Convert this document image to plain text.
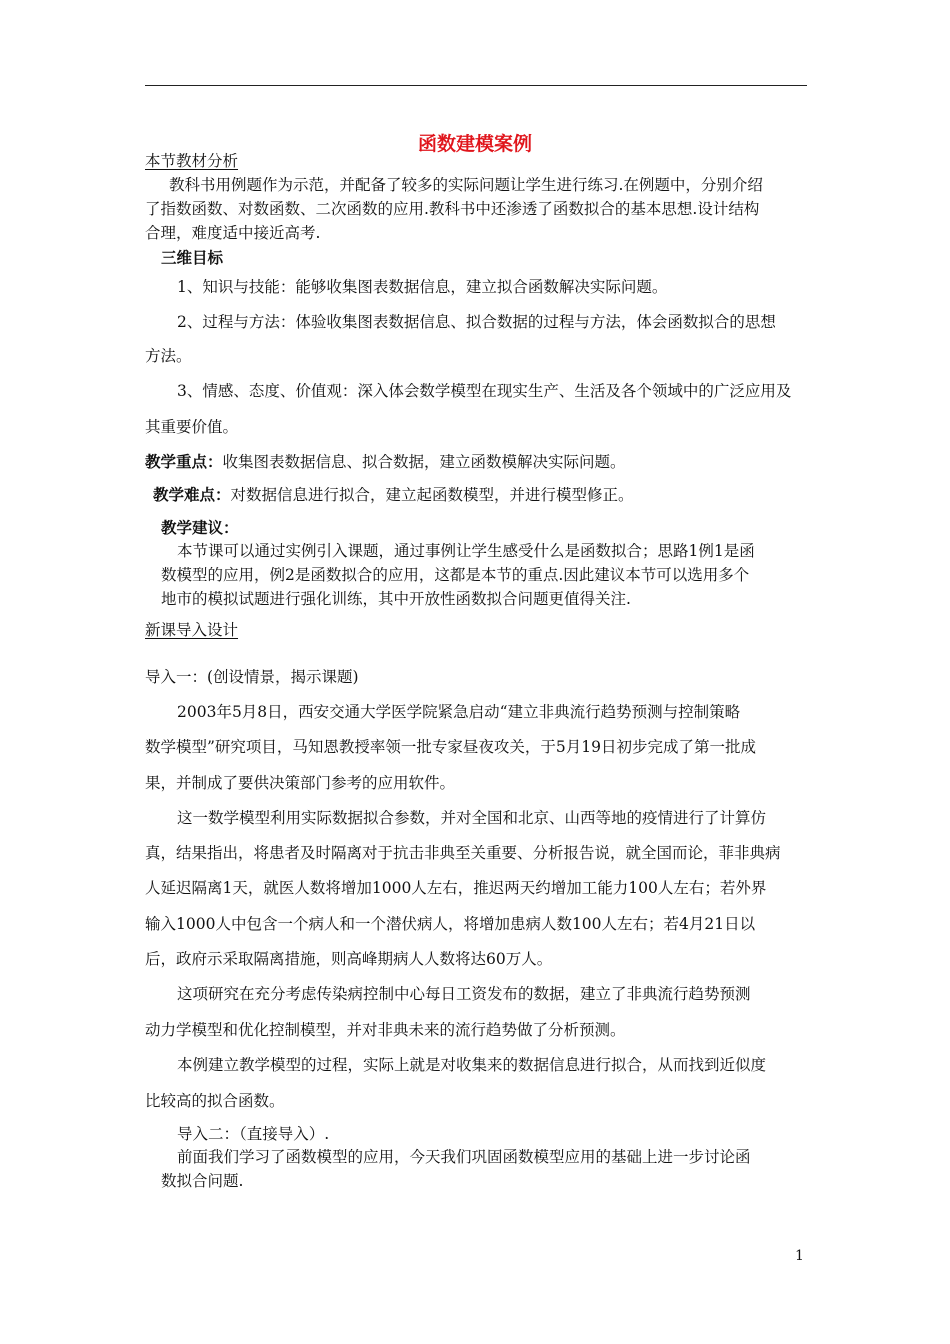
函数建模案例
本节教材分析
教科书用例题作为示范，并配备了较多的实际问题让学生进行练习.在例题中，分别介绍
了指数函数、对数函数、二次函数的应用.教科书中还渗透了函数拟合的基本思想.设计结构
合理，难度适中接近高考.
三维目标
1、知识与技能：能够收集图表数据信息，建立拟合函数解决实际问题。
2、过程与方法：体验收集图表数据信息、拟合数据的过程与方法，体会函数拟合的思想
方法。
3、情感、态度、价值观：深入体会数学模型在现实生产、生活及各个领域中的广泛应用及
其重要价值。
教学重点：收集图表数据信息、拟合数据，建立函数模解决实际问题。
教学难点：对数据信息进行拟合，建立起函数模型，并进行模型修正。
教学建议：
本节课可以通过实例引入课题，通过事例让学生感受什么是函数拟合；思路1例1是函
数模型的应用，例2是函数拟合的应用，这都是本节的重点.因此建议本节可以选用多个
地市的模拟试题进行强化训练，其中开放性函数拟合问题更值得关注.
新课导入设计
导入一：(创设情景，揭示课题)
2003年5月8日，西安交通大学医学院紧急启动“建立非典流行趋势预测与控制策略
数学模型”研究项目，马知恩教授率领一批专家昼夜攻关，于5月19日初步完成了第一批成
果，并制成了要供决策部门参考的应用软件。
这一数学模型利用实际数据拟合参数，并对全国和北京、山西等地的疫情进行了计算仿
真，结果指出，将患者及时隔离对于抗击非典至关重要、分析报告说，就全国而论，菲非典病
人延迟隔离1天，就医人数将增加1000人左右，推迟两天约增加工能力100人左右；若外界
输入1000人中包含一个病人和一个潜伏病人，将增加患病人数100人左右；若4月21日以
后，政府示采取隔离措施，则高峰期病人人数将达60万人。
这项研究在充分考虑传染病控制中心每日工资发布的数据，建立了非典流行趋势预测
动力学模型和优化控制模型，并对非典未来的流行趋势做了分析预测。
本例建立教学模型的过程，实际上就是对收集来的数据信息进行拟合，从而找到近似度
比较高的拟合函数。
导入二：（直接导入）.
前面我们学习了函数模型的应用，今天我们巩固函数模型应用的基础上进一步讨论函
数拟合问题.
1
